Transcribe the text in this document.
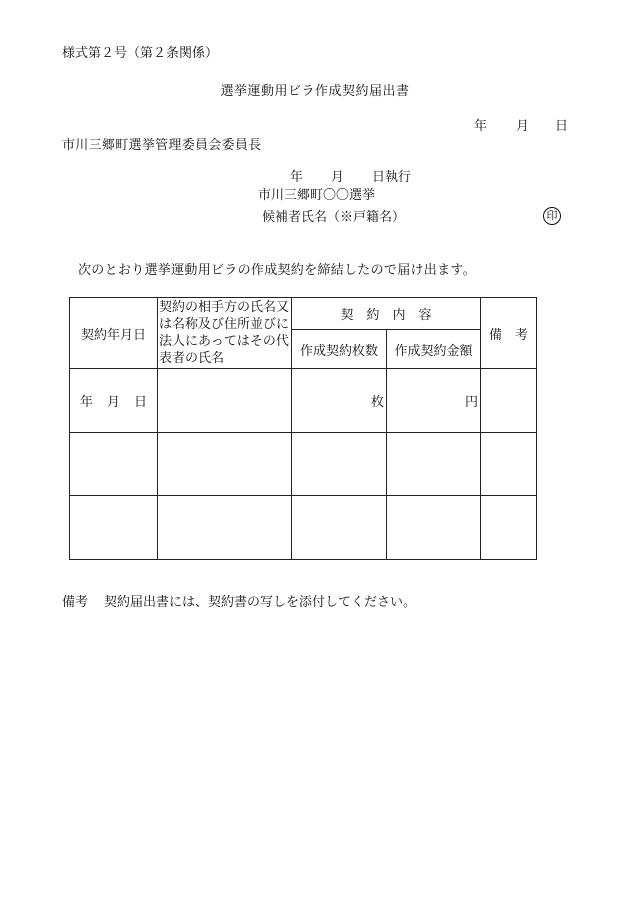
様式第２号（第２条関係）
選挙運動用ビラ作成契約届出書
年 月 日
市川三郷町選挙管理委員会委員長
年 月 日執行
市川三郷町〇〇選挙
候補者氏名（※戸籍名）	印
次のとおり選挙運動用ビラの作成契約を締結したので届け出ます。
契約年月日	契約の相手方の氏名又は名称及び住所並びに法人にあってはその代表者の氏名	契　約　内　容		備　考
		作成契約枚数	作成契約金額	
年 月 日		枚	円	

備考 契約届出書には、契約書の写しを添付してください。
